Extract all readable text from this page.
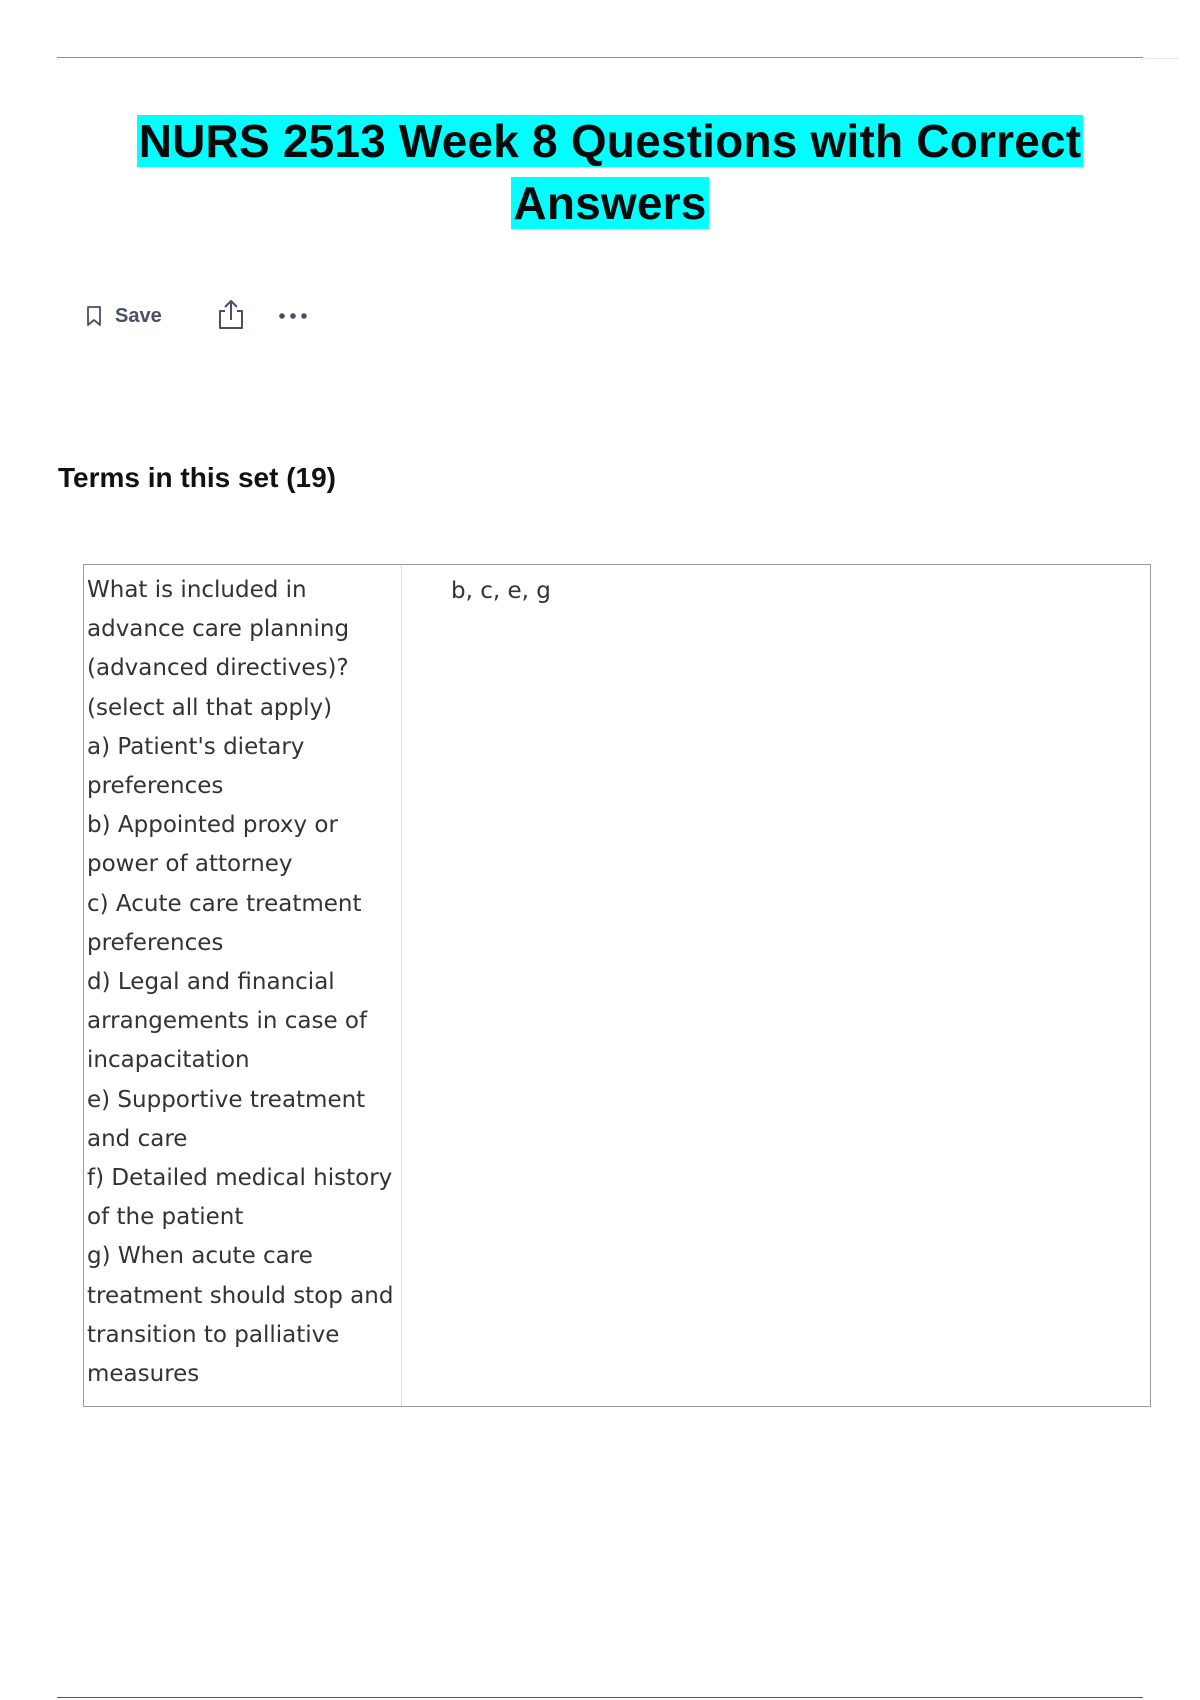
NURS 2513 Week 8 Questions with Correct
Answers
Save
Terms in this set (19)
What is included in
advance care planning
(advanced directives)?
(select all that apply)
a) Patient's dietary
preferences
b) Appointed proxy or
power of attorney
c) Acute care treatment
preferences
d) Legal and financial
arrangements in case of
incapacitation
e) Supportive treatment
and care
f) Detailed medical history
of the patient
g) When acute care
treatment should stop and
transition to palliative
measures
b, c, e, g
